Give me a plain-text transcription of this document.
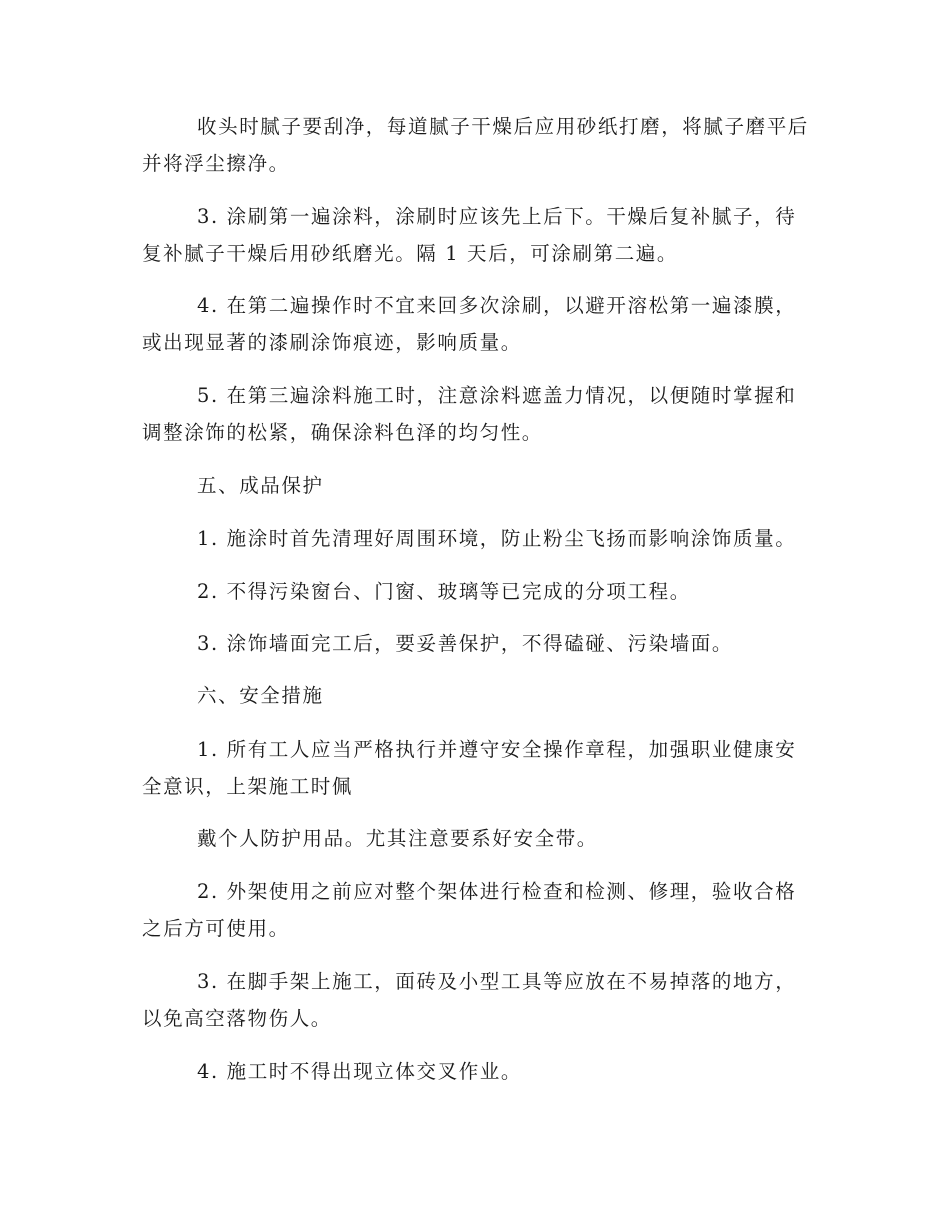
收头时腻子要刮净，每道腻子干燥后应用砂纸打磨，将腻子磨平后并将浮尘擦净。

3. 涂刷第一遍涂料，涂刷时应该先上后下。干燥后复补腻子，待复补腻子干燥后用砂纸磨光。隔 1 天后，可涂刷第二遍。

4. 在第二遍操作时不宜来回多次涂刷，以避开溶松第一遍漆膜，或出现显著的漆刷涂饰痕迹，影响质量。

5. 在第三遍涂料施工时，注意涂料遮盖力情况，以便随时掌握和调整涂饰的松紧，确保涂料色泽的均匀性。

五、成品保护

1. 施涂时首先清理好周围环境，防止粉尘飞扬而影响涂饰质量。

2. 不得污染窗台、门窗、玻璃等已完成的分项工程。

3. 涂饰墙面完工后，要妥善保护，不得磕碰、污染墙面。

六、安全措施

1. 所有工人应当严格执行并遵守安全操作章程，加强职业健康安全意识，上架施工时佩

戴个人防护用品。尤其注意要系好安全带。

2. 外架使用之前应对整个架体进行检查和检测、修理，验收合格之后方可使用。

3. 在脚手架上施工，面砖及小型工具等应放在不易掉落的地方，以免高空落物伤人。

4. 施工时不得出现立体交叉作业。
